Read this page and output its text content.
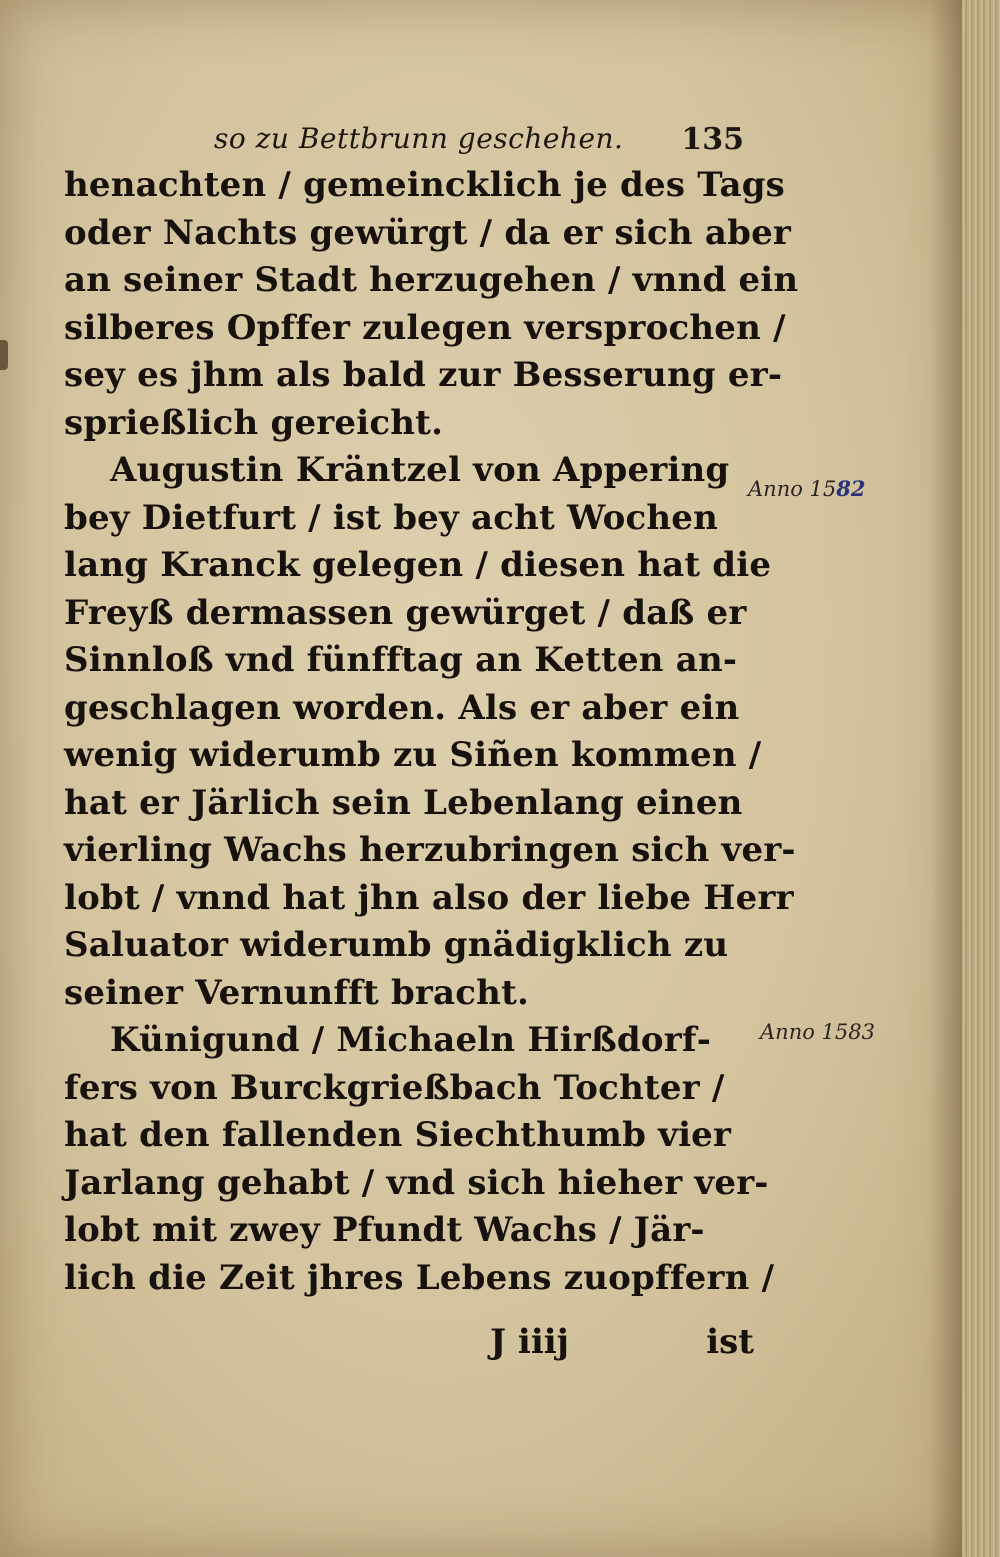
so zu Bettbrunn geschehen. 135
henachten / gemeincklich je des Tags
oder Nachts gewürgt / da er sich aber
an seiner Stadt herzugehen / vnnd ein
silberes Opffer zulegen versprochen /
sey es jhm als bald zur Besserung er‑
sprießlich gereicht.
Augustin Kräntzel von Appering
bey Dietfurt / ist bey acht Wochen
lang Kranck gelegen / diesen hat die
Freyß dermassen gewürget / daß er
Sinnloß vnd fünfftag an Ketten an‑
geschlagen worden. Als er aber ein
wenig widerumb zu Siñen kommen /
hat er Järlich sein Lebenlang einen
vierling Wachs herzubringen sich ver‑
lobt / vnnd hat jhn also der liebe Herr
Saluator widerumb gnädigklich zu
seiner Vernunfft bracht.
Künigund / Michaeln Hirßdorf‑
fers von Burckgrießbach Tochter /
hat den fallenden Siechthumb vier
Jarlang gehabt / vnd sich hieher ver‑
lobt mit zwey Pfundt Wachs / Jär‑
lich die Zeit jhres Lebens zuopffern /
Anno 1582
Anno 1583
J iiij	ist
